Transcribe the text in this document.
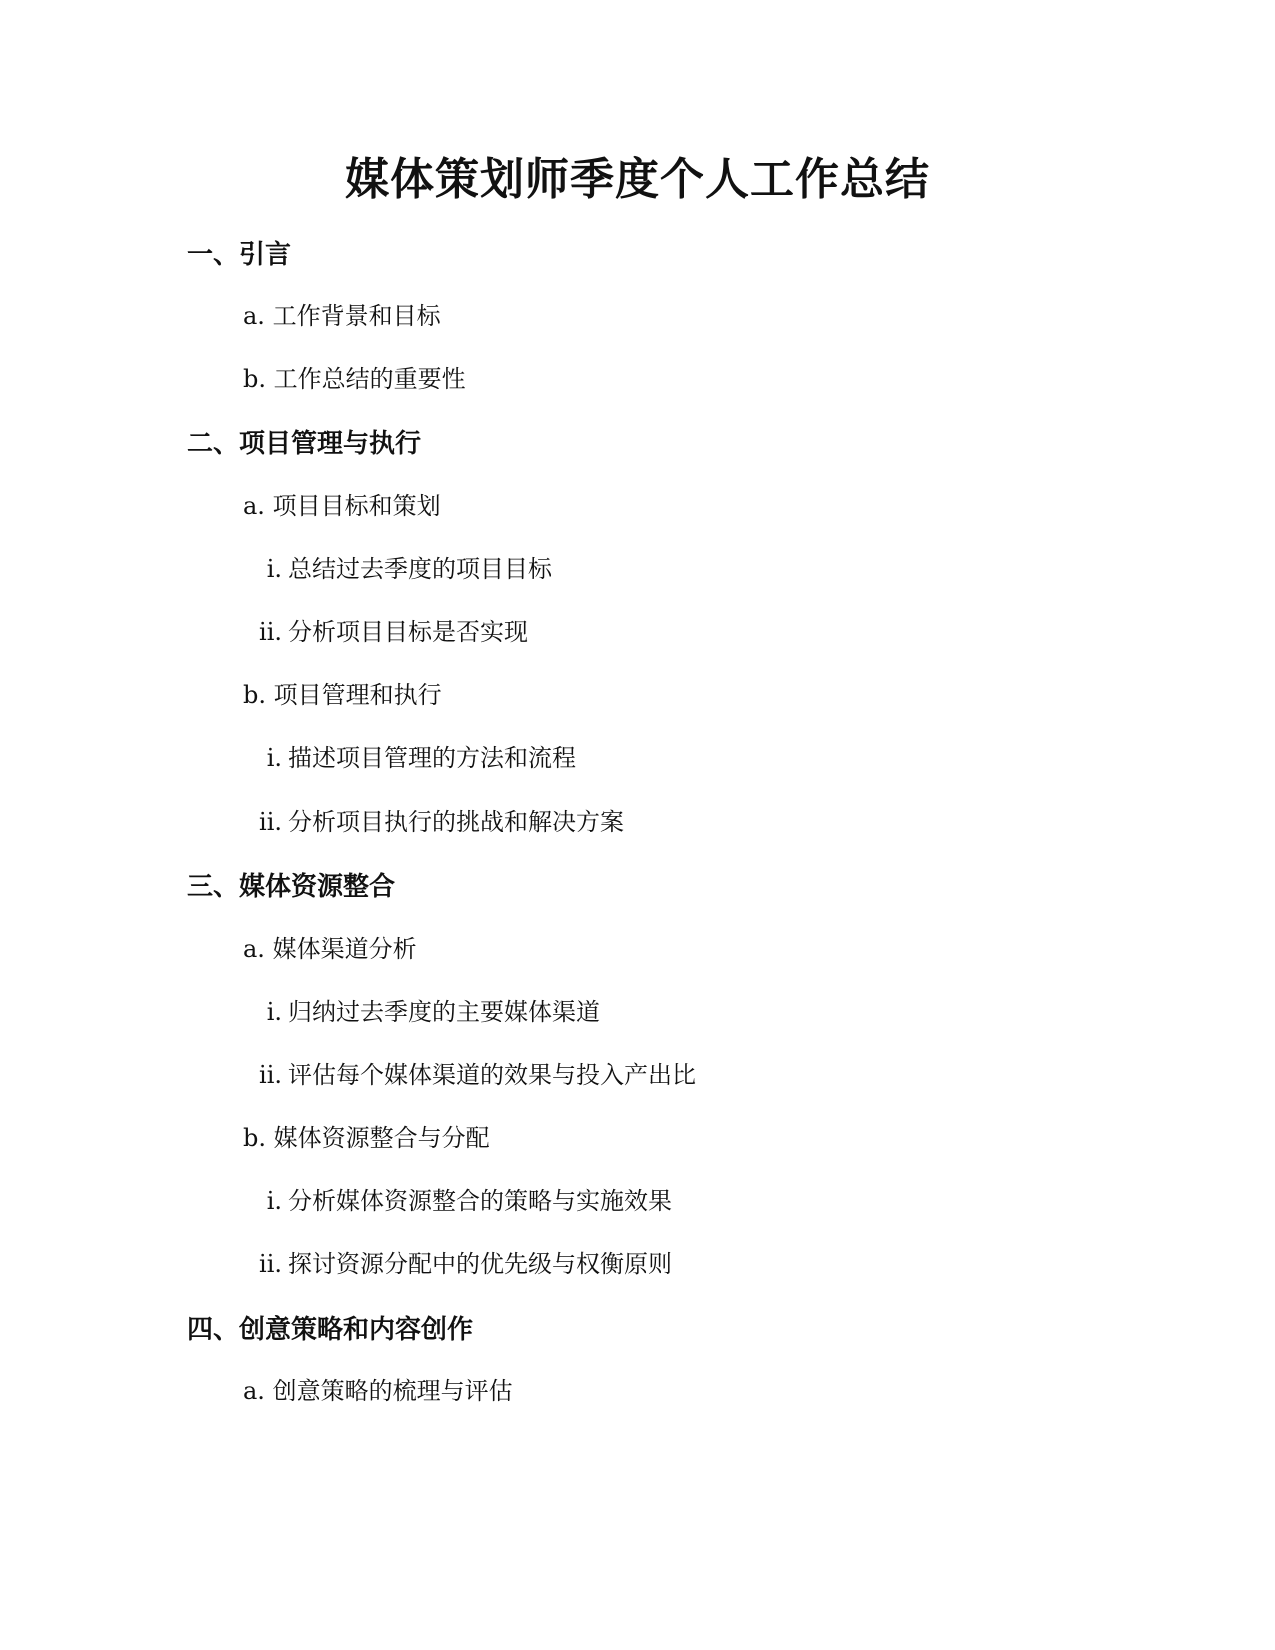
媒体策划师季度个人工作总结
一、引言
a. 工作背景和目标
b. 工作总结的重要性
二、项目管理与执行
a. 项目目标和策划
i. 总结过去季度的项目目标
ii. 分析项目目标是否实现
b. 项目管理和执行
i. 描述项目管理的方法和流程
ii. 分析项目执行的挑战和解决方案
三、媒体资源整合
a. 媒体渠道分析
i. 归纳过去季度的主要媒体渠道
ii. 评估每个媒体渠道的效果与投入产出比
b. 媒体资源整合与分配
i. 分析媒体资源整合的策略与实施效果
ii. 探讨资源分配中的优先级与权衡原则
四、创意策略和内容创作
a. 创意策略的梳理与评估
